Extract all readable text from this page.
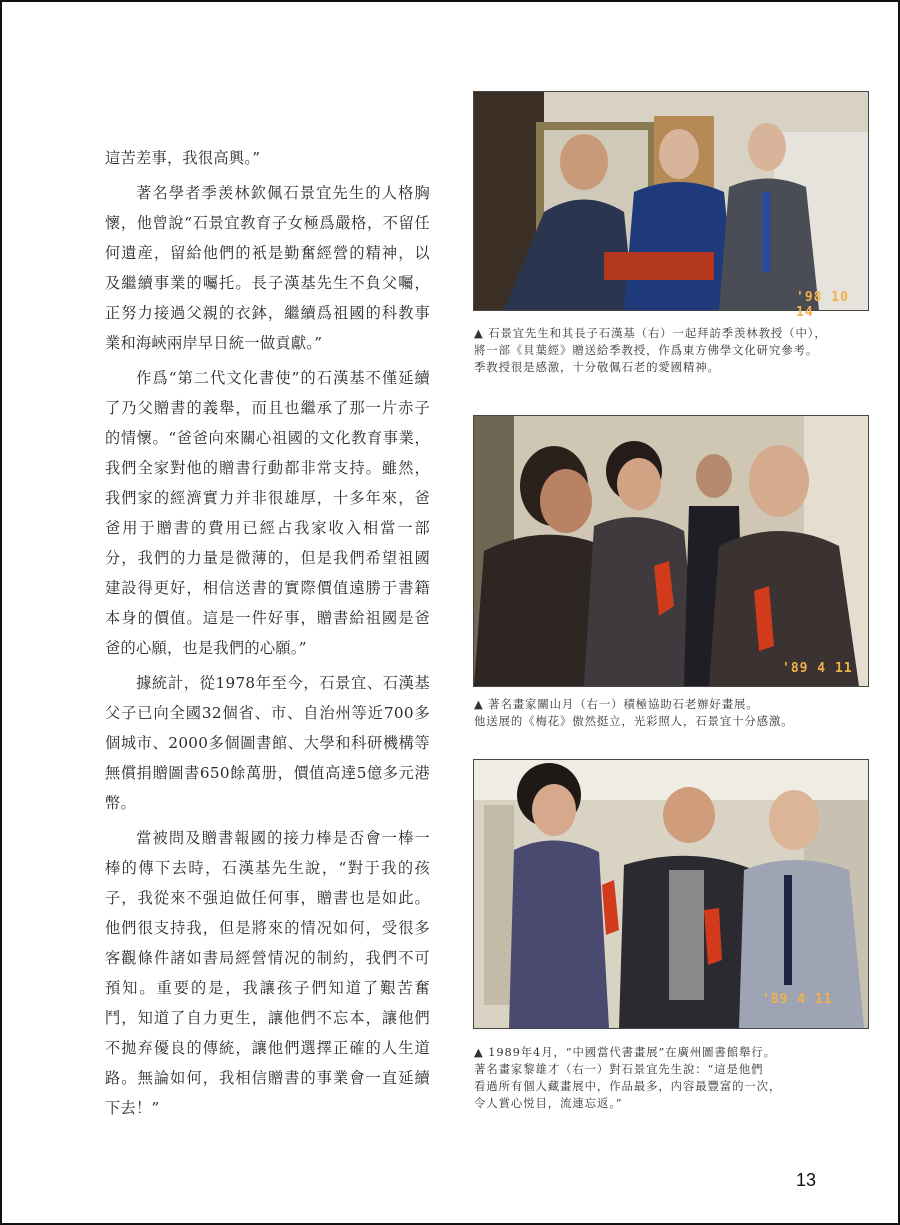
這苦差事，我很高興。”

著名學者季羡林欽佩石景宜先生的人格胸懷，他曾說“石景宜教育子女極爲嚴格，不留任何遺産，留給他們的衹是勤奮經營的精神，以及繼續事業的囑托。長子漢基先生不負父囑，正努力接過父親的衣鉢，繼續爲祖國的科教事業和海峽兩岸早日統一做貢獻。”

作爲“第二代文化書使”的石漢基不僅延續了乃父贈書的義舉，而且也繼承了那一片赤子的情懷。“爸爸向來關心祖國的文化教育事業，我們全家對他的贈書行動都非常支持。雖然，我們家的經濟實力并非很雄厚，十多年來，爸爸用于贈書的費用已經占我家收入相當一部分，我們的力量是微薄的，但是我們希望祖國建設得更好，相信送書的實際價值遠勝于書籍本身的價值。這是一件好事，贈書給祖國是爸爸的心願，也是我們的心願。”

據統計，從1978年至今，石景宜、石漢基父子已向全國32個省、市、自治州等近700多個城市、2000多個圖書館、大學和科研機構等無償捐贈圖書650餘萬册，價值高達5億多元港幣。

當被問及贈書報國的接力棒是否會一棒一棒的傳下去時，石漢基先生說，“對于我的孩子，我從來不强迫做任何事，贈書也是如此。他們很支持我，但是將來的情况如何，受很多客觀條件諸如書局經營情况的制約，我們不可預知。重要的是，我讓孩子們知道了艱苦奮鬥，知道了自力更生，讓他們不忘本，讓他們不拋弃優良的傳統，讓他們選擇正確的人生道路。無論如何，我相信贈書的事業會一直延續下去！”

'98 10 14

▲ 石景宜先生和其長子石漢基（右）一起拜訪季羡林教授（中），

將一部《貝葉經》贈送給季教授，作爲東方佛學文化研究參考。

季教授很是感激，十分敬佩石老的愛國精神。

'89 4 11

▲ 著名畫家關山月（右一）積極協助石老辦好畫展。

他送展的《梅花》傲然挺立，光彩照人，石景宜十分感激。

'89 4 11

▲ 1989年4月，“中國當代書畫展”在廣州圖書館舉行。

著名畫家黎雄才（右一）對石景宜先生說：“這是他們

看過所有個人藏畫展中，作品最多，内容最豐富的一次，

令人賞心悦目，流連忘返。”

13
